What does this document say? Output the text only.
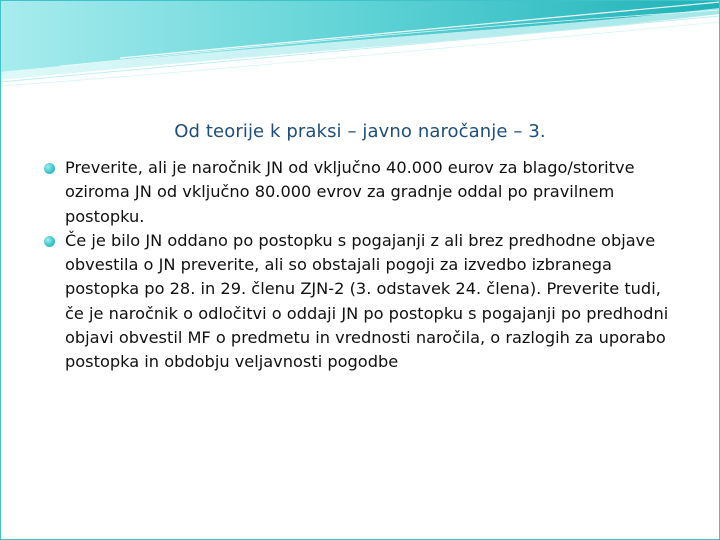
Od teorije k praksi – javno naročanje – 3.
Preverite, ali je naročnik JN od vključno 40.000 eurov za blago/storitve oziroma JN od vključno 80.000 evrov za gradnje oddal po pravilnem postopku.
Če je bilo JN oddano po postopku s pogajanji z ali brez predhodne objave obvestila o JN preverite, ali so obstajali pogoji za izvedbo izbranega postopka po 28. in 29. členu ZJN-2 (3. odstavek 24. člena). Preverite tudi, če je naročnik o odločitvi o oddaji JN po postopku s pogajanji po predhodni objavi obvestil MF o predmetu in vrednosti naročila, o razlogih za uporabo postopka in obdobju veljavnosti pogodbe
